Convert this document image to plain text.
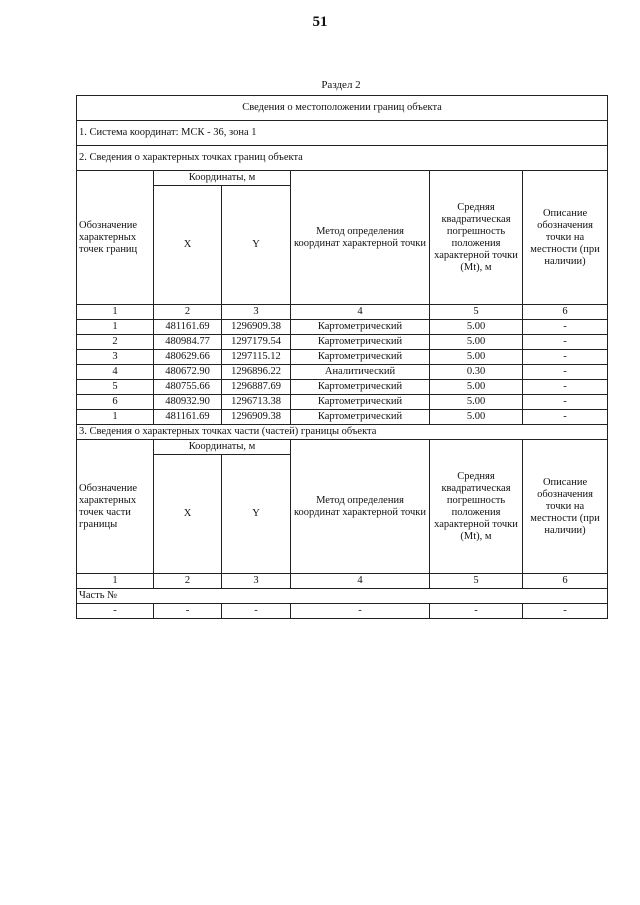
51
Раздел 2
Сведения о местоположении границ объекта					
1. Система координат: МСК - 36, зона 1					
2. Сведения о характерных точках границ объекта					
Обозначение характерных точек границ	Координаты, м		Метод определения координат характерной точки	Средняя квадратическая погрешность положения характерной точки (Mt), м	Описание обозначения точки на местности (при наличии)
	X	Y			
1	2	3	4	5	6
1	481161.69	1296909.38	Картометрический	5.00	-
2	480984.77	1297179.54	Картометрический	5.00	-
3	480629.66	1297115.12	Картометрический	5.00	-
4	480672.90	1296896.22	Аналитический	0.30	-
5	480755.66	1296887.69	Картометрический	5.00	-
6	480932.90	1296713.38	Картометрический	5.00	-
1	481161.69	1296909.38	Картометрический	5.00	-
3. Сведения о характерных точках части (частей) границы объекта					
Обозначение характерных точек части границы	Координаты, м		Метод определения координат характерной точки	Средняя квадратическая погрешность положения характерной точки (Mt), м	Описание обозначения точки на местности (при наличии)
	X	Y			
1	2	3	4	5	6
Часть №					
-	-	-	-	-	-
